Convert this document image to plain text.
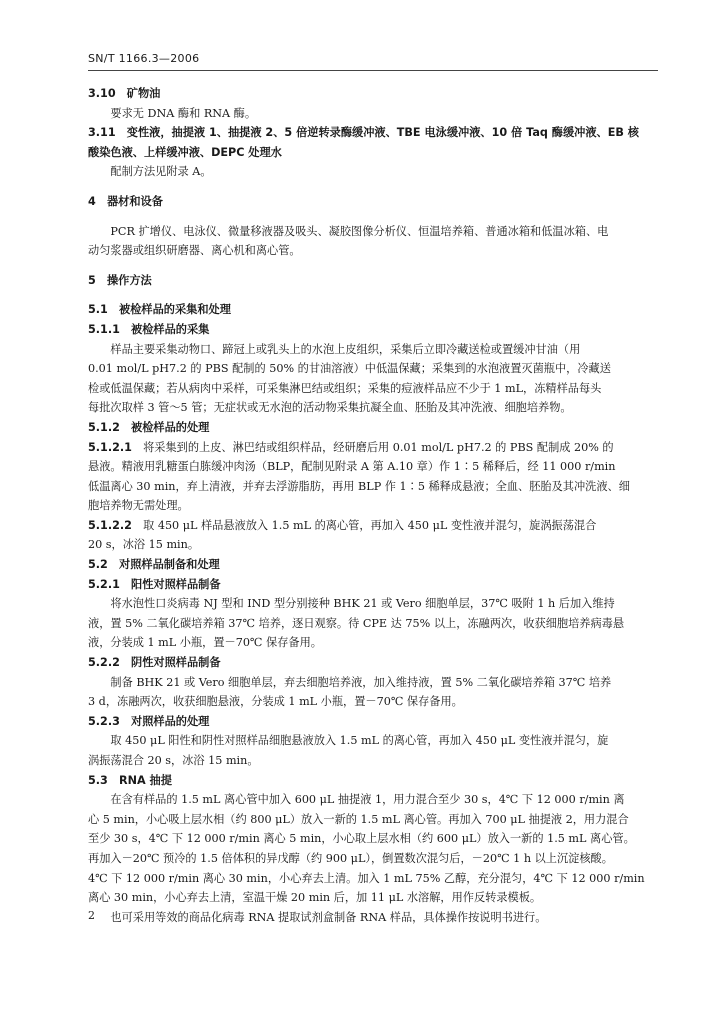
SN/T 1166.3—2006

3.10　矿物油

要求无 DNA 酶和 RNA 酶。

3.11　变性液，抽提液 1、抽提液 2、5 倍逆转录酶缓冲液、TBE 电泳缓冲液、10 倍 Taq 酶缓冲液、EB 核

酸染色液、上样缓冲液、DEPC 处理水

配制方法见附录 A。

4　器材和设备

PCR 扩增仪、电泳仪、微量移液器及吸头、凝胶图像分析仪、恒温培养箱、普通冰箱和低温冰箱、电

动匀浆器或组织研磨器、离心机和离心管。

5　操作方法

5.1　被检样品的采集和处理

5.1.1　被检样品的采集

样品主要采集动物口、蹄冠上或乳头上的水泡上皮组织，采集后立即冷藏送检或置缓冲甘油（用

0.01 mol/L pH7.2 的 PBS 配制的 50% 的甘油溶液）中低温保藏；采集到的水泡液置灭菌瓶中，冷藏送

检或低温保藏；若从病肉中采样，可采集淋巴结或组织；采集的痘液样品应不少于 1 mL，冻精样品每头

每批次取样 3 管～5 管；无症状或无水泡的活动物采集抗凝全血、胚胎及其冲洗液、细胞培养物。

5.1.2　被检样品的处理

5.1.2.1　将采集到的上皮、淋巴结或组织样品，经研磨后用 0.01 mol/L pH7.2 的 PBS 配制成 20% 的

悬液。精液用乳糖蛋白胨缓冲肉汤（BLP，配制见附录 A 第 A.10 章）作 1∶5 稀释后，经 11 000 r/min

低温离心 30 min，弃上清液，并弃去浮游脂肪，再用 BLP 作 1∶5 稀释成悬液；全血、胚胎及其冲洗液、细

胞培养物无需处理。

5.1.2.2　取 450 μL 样品悬液放入 1.5 mL 的离心管，再加入 450 μL 变性液并混匀，旋涡振荡混合

20 s，冰浴 15 min。

5.2　对照样品制备和处理

5.2.1　阳性对照样品制备

将水泡性口炎病毒 NJ 型和 IND 型分别接种 BHK 21 或 Vero 细胞单层，37℃ 吸附 1 h 后加入维持

液，置 5% 二氧化碳培养箱 37℃ 培养，逐日观察。待 CPE 达 75% 以上，冻融两次，收获细胞培养病毒悬

液，分装成 1 mL 小瓶，置－70℃ 保存备用。

5.2.2　阴性对照样品制备

制备 BHK 21 或 Vero 细胞单层，弃去细胞培养液，加入维持液，置 5% 二氧化碳培养箱 37℃ 培养

3 d，冻融两次，收获细胞悬液，分装成 1 mL 小瓶，置－70℃ 保存备用。

5.2.3　对照样品的处理

取 450 μL 阳性和阴性对照样品细胞悬液放入 1.5 mL 的离心管，再加入 450 μL 变性液并混匀，旋

涡振荡混合 20 s，冰浴 15 min。

5.3　RNA 抽提

在含有样品的 1.5 mL 离心管中加入 600 μL 抽提液 1，用力混合至少 30 s，4℃ 下 12 000 r/min 离

心 5 min，小心吸上层水相（约 800 μL）放入一新的 1.5 mL 离心管。再加入 700 μL 抽提液 2，用力混合

至少 30 s，4℃ 下 12 000 r/min 离心 5 min，小心取上层水相（约 600 μL）放入一新的 1.5 mL 离心管。

再加入－20℃ 预冷的 1.5 倍体积的异戊醇（约 900 μL），倒置数次混匀后，－20℃ 1 h 以上沉淀核酸。

4℃ 下 12 000 r/min 离心 30 min，小心弃去上清。加入 1 mL 75% 乙醇，充分混匀，4℃ 下 12 000 r/min

离心 30 min，小心弃去上清，室温干燥 20 min 后，加 11 μL 水溶解，用作反转录模板。

也可采用等效的商品化病毒 RNA 提取试剂盒制备 RNA 样品，具体操作按说明书进行。

2
